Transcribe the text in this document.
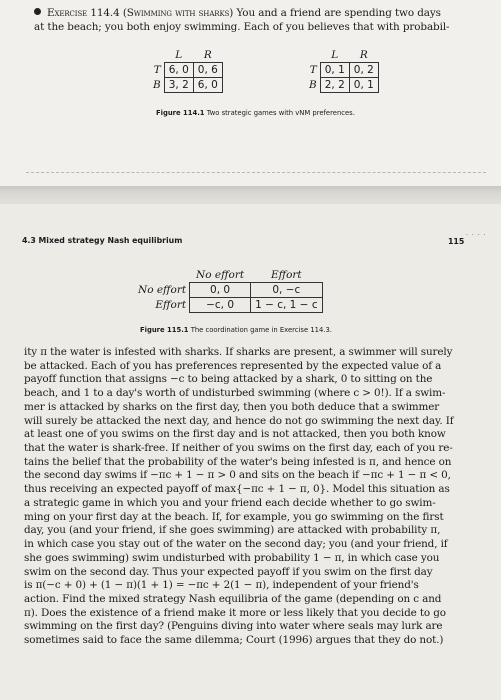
Exercise 114.4 (Swimming with sharks) You and a friend are spending two days
at the beach; you both enjoy swimming. Each of you believes that with probabil-
	L	R
T	6, 0	0, 6
B	3, 2	6, 0
	L	R
T	0, 1	0, 2
B	2, 2	0, 1
Figure 114.1 Two strategic games with vNM preferences.
4.3 Mixed strategy Nash equilibrium	115
· · · ·
	No effort	Effort
No effort	0, 0	0, −c
Effort	−c, 0	1 − c, 1 − c
Figure 115.1 The coordination game in Exercise 114.3.
ity π the water is infested with sharks. If sharks are present, a swimmer will surely
be attacked. Each of you has preferences represented by the expected value of a
payoff function that assigns −c to being attacked by a shark, 0 to sitting on the
beach, and 1 to a day's worth of undisturbed swimming (where c > 0!). If a swim-
mer is attacked by sharks on the first day, then you both deduce that a swimmer
will surely be attacked the next day, and hence do not go swimming the next day. If
at least one of you swims on the first day and is not attacked, then you both know
that the water is shark-free. If neither of you swims on the first day, each of you re-
tains the belief that the probability of the water's being infested is π, and hence on
the second day swims if −πc + 1 − π > 0 and sits on the beach if −πc + 1 − π < 0,
thus receiving an expected payoff of max{−πc + 1 − π, 0}. Model this situation as
a strategic game in which you and your friend each decide whether to go swim-
ming on your first day at the beach. If, for example, you go swimming on the first
day, you (and your friend, if she goes swimming) are attacked with probability π,
in which case you stay out of the water on the second day; you (and your friend, if
she goes swimming) swim undisturbed with probability 1 − π, in which case you
swim on the second day. Thus your expected payoff if you swim on the first day
is π(−c + 0) + (1 − π)(1 + 1) = −πc + 2(1 − π), independent of your friend's
action. Find the mixed strategy Nash equilibria of the game (depending on c and
π). Does the existence of a friend make it more or less likely that you decide to go
swimming on the first day? (Penguins diving into water where seals may lurk are
sometimes said to face the same dilemma; Court (1996) argues that they do not.)
